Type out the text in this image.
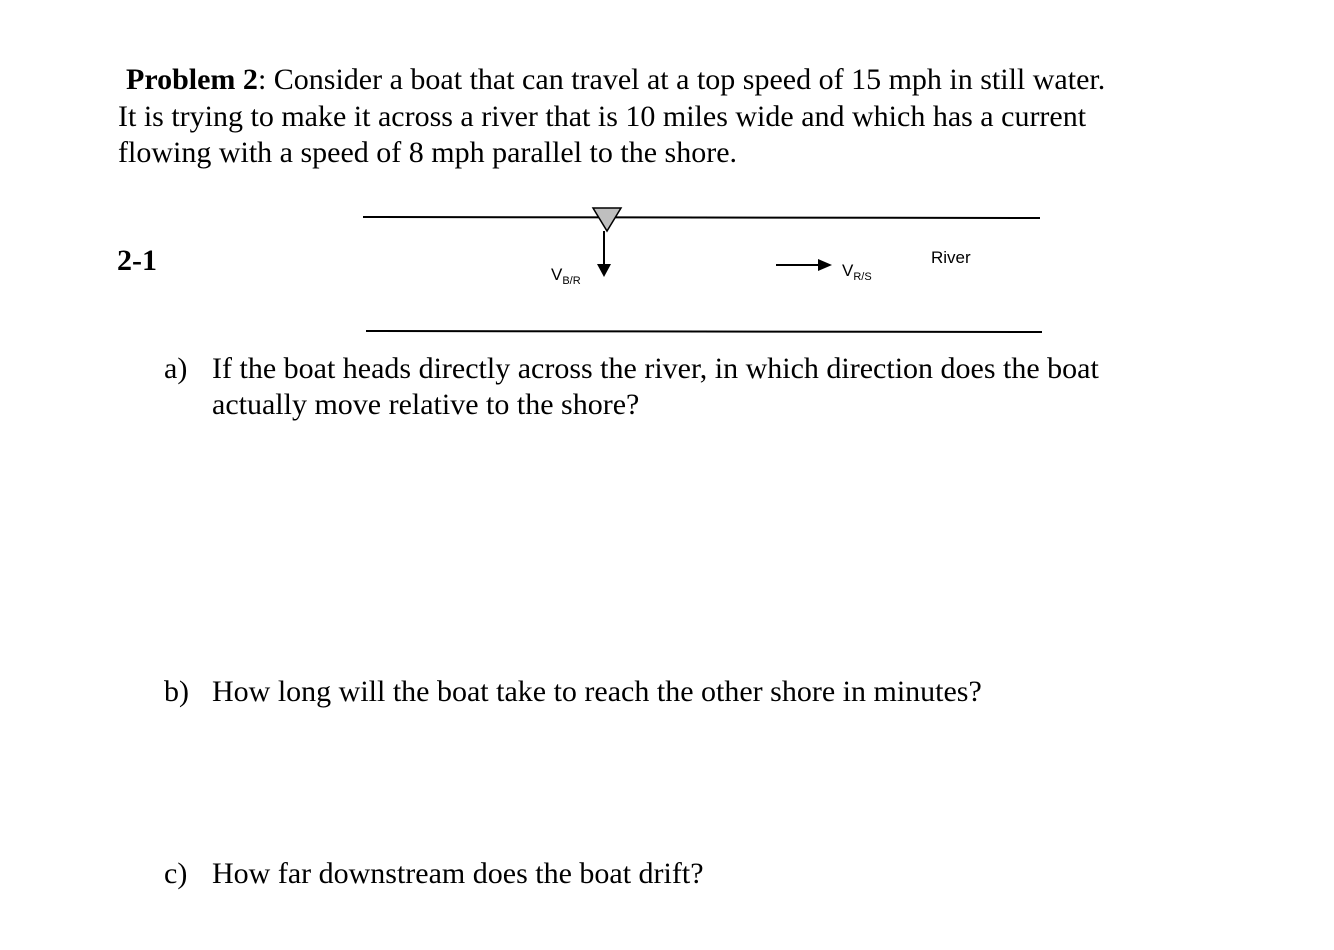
Problem 2: Consider a boat that can travel at a top speed of 15 mph in still water.
It is trying to make it across a river that is 10 miles wide and which has a current
flowing with a speed of 8 mph parallel to the shore.
2-1	$V_{B/R}$
$V_{R/S}$
River
a) If the boat heads directly across the river, in which direction does the boat
actually move relative to the shore?
b) How long will the boat take to reach the other shore in minutes?
c) How far downstream does the boat drift?
